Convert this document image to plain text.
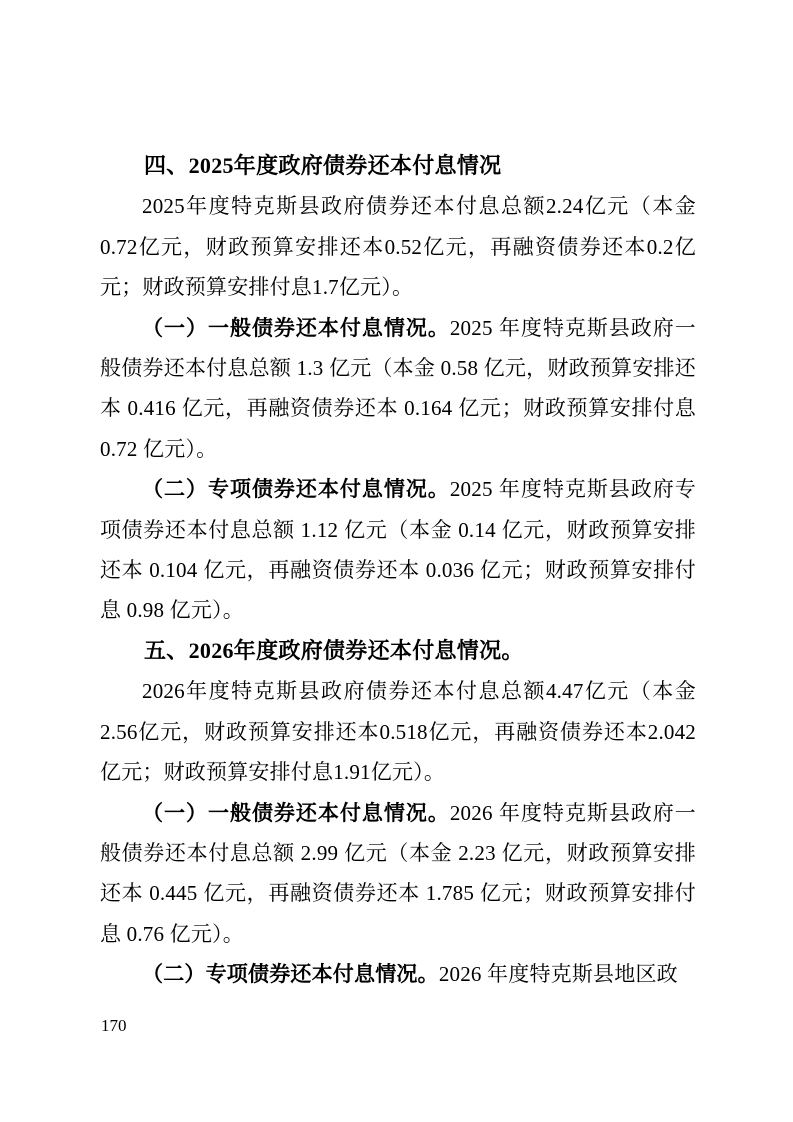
四、2025年度政府债券还本付息情况

2025年度特克斯县政府债券还本付息总额2.24亿元（本金0.72亿元，财政预算安排还本0.52亿元，再融资债券还本0.2亿元；财政预算安排付息1.7亿元）。

（一）一般债券还本付息情况。2025 年度特克斯县政府一般债券还本付息总额 1.3 亿元（本金 0.58 亿元，财政预算安排还本 0.416 亿元，再融资债券还本 0.164 亿元；财政预算安排付息 0.72 亿元）。

（二）专项债券还本付息情况。2025 年度特克斯县政府专项债券还本付息总额 1.12 亿元（本金 0.14 亿元，财政预算安排还本 0.104 亿元，再融资债券还本 0.036 亿元；财政预算安排付息 0.98 亿元）。

五、2026年度政府债券还本付息情况。

2026年度特克斯县政府债券还本付息总额4.47亿元（本金2.56亿元，财政预算安排还本0.518亿元，再融资债券还本2.042亿元；财政预算安排付息1.91亿元）。

（一）一般债券还本付息情况。2026 年度特克斯县政府一般债券还本付息总额 2.99 亿元（本金 2.23 亿元，财政预算安排还本 0.445 亿元，再融资债券还本 1.785 亿元；财政预算安排付息 0.76 亿元）。

（二）专项债券还本付息情况。2026 年度特克斯县地区政

170
